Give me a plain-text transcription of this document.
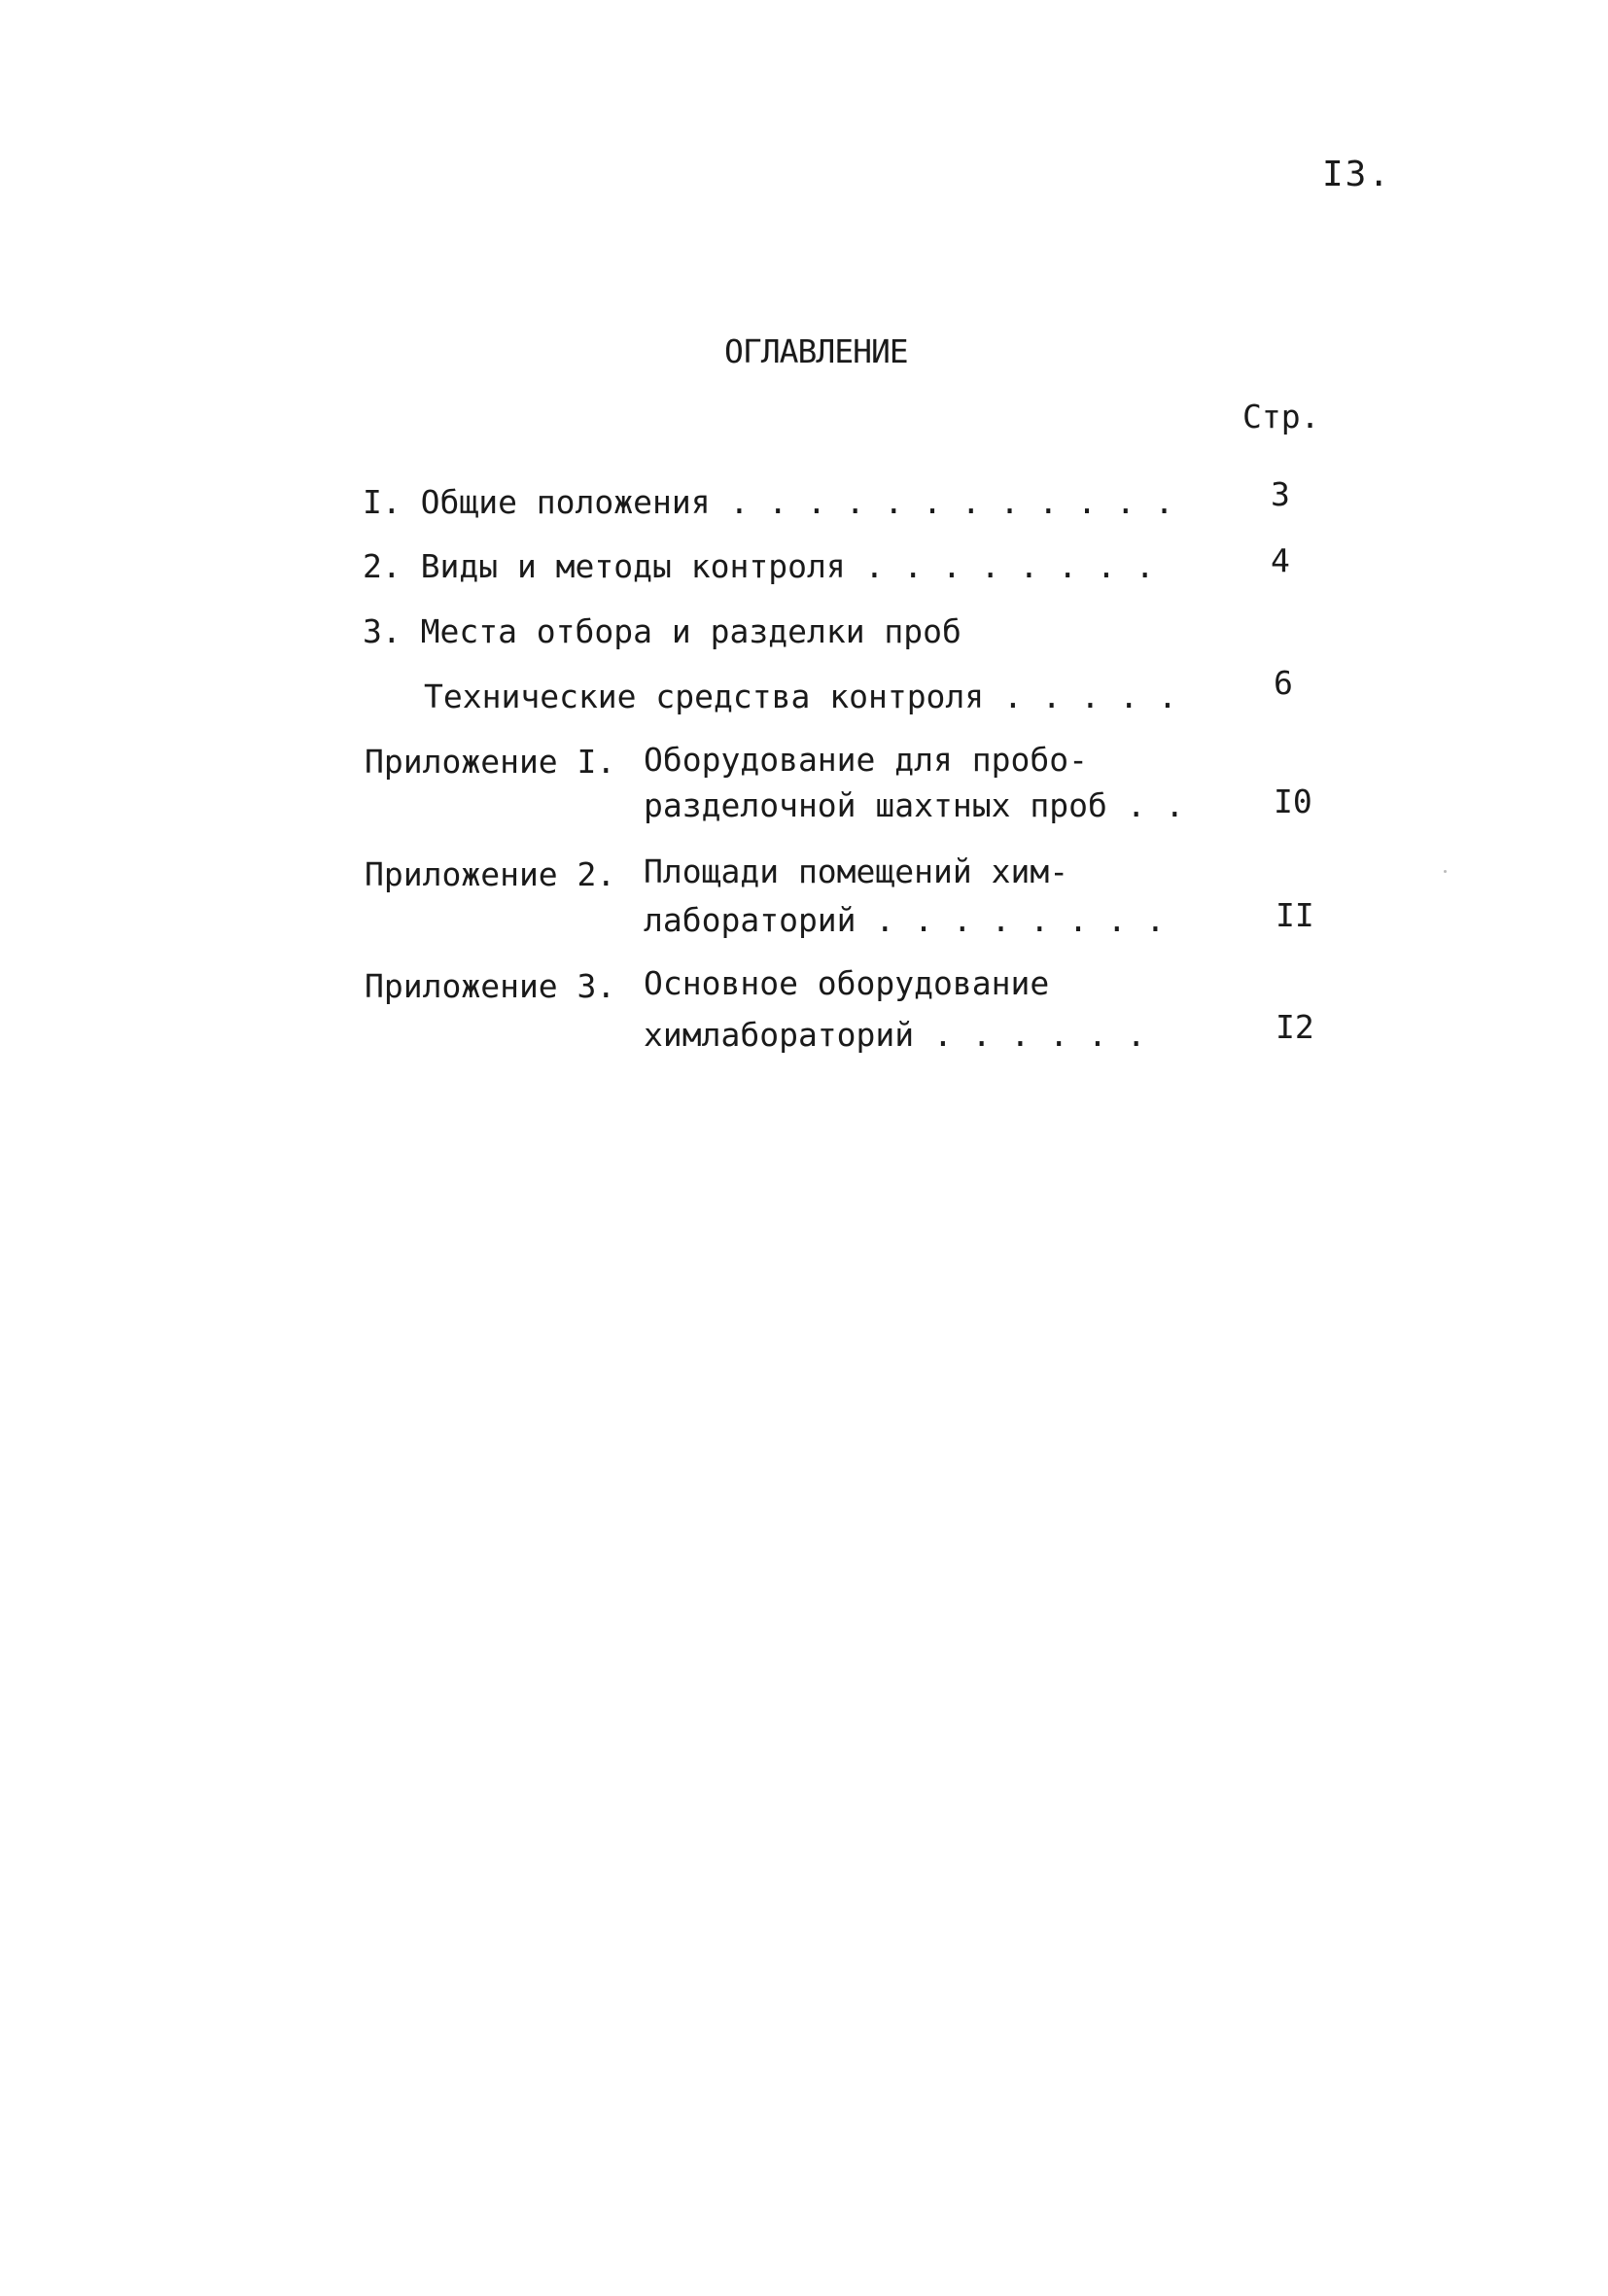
I3.
ОГЛАВЛЕНИЕ
Стр.
I. Общие положения . . . . . . . . . . . .	3
2. Виды и методы контроля . . . . . . . .	4
3. Места отбора и разделки проб
Технические средства контроля . . . . .	6
Приложение I. Оборудование для пробо-
разделочной шахтных проб . .	I0
Приложение 2. Площади помещений хим-
лабораторий . . . . . . . .	II
Приложение 3. Основное оборудование
химлабораторий . . . . . .	I2
